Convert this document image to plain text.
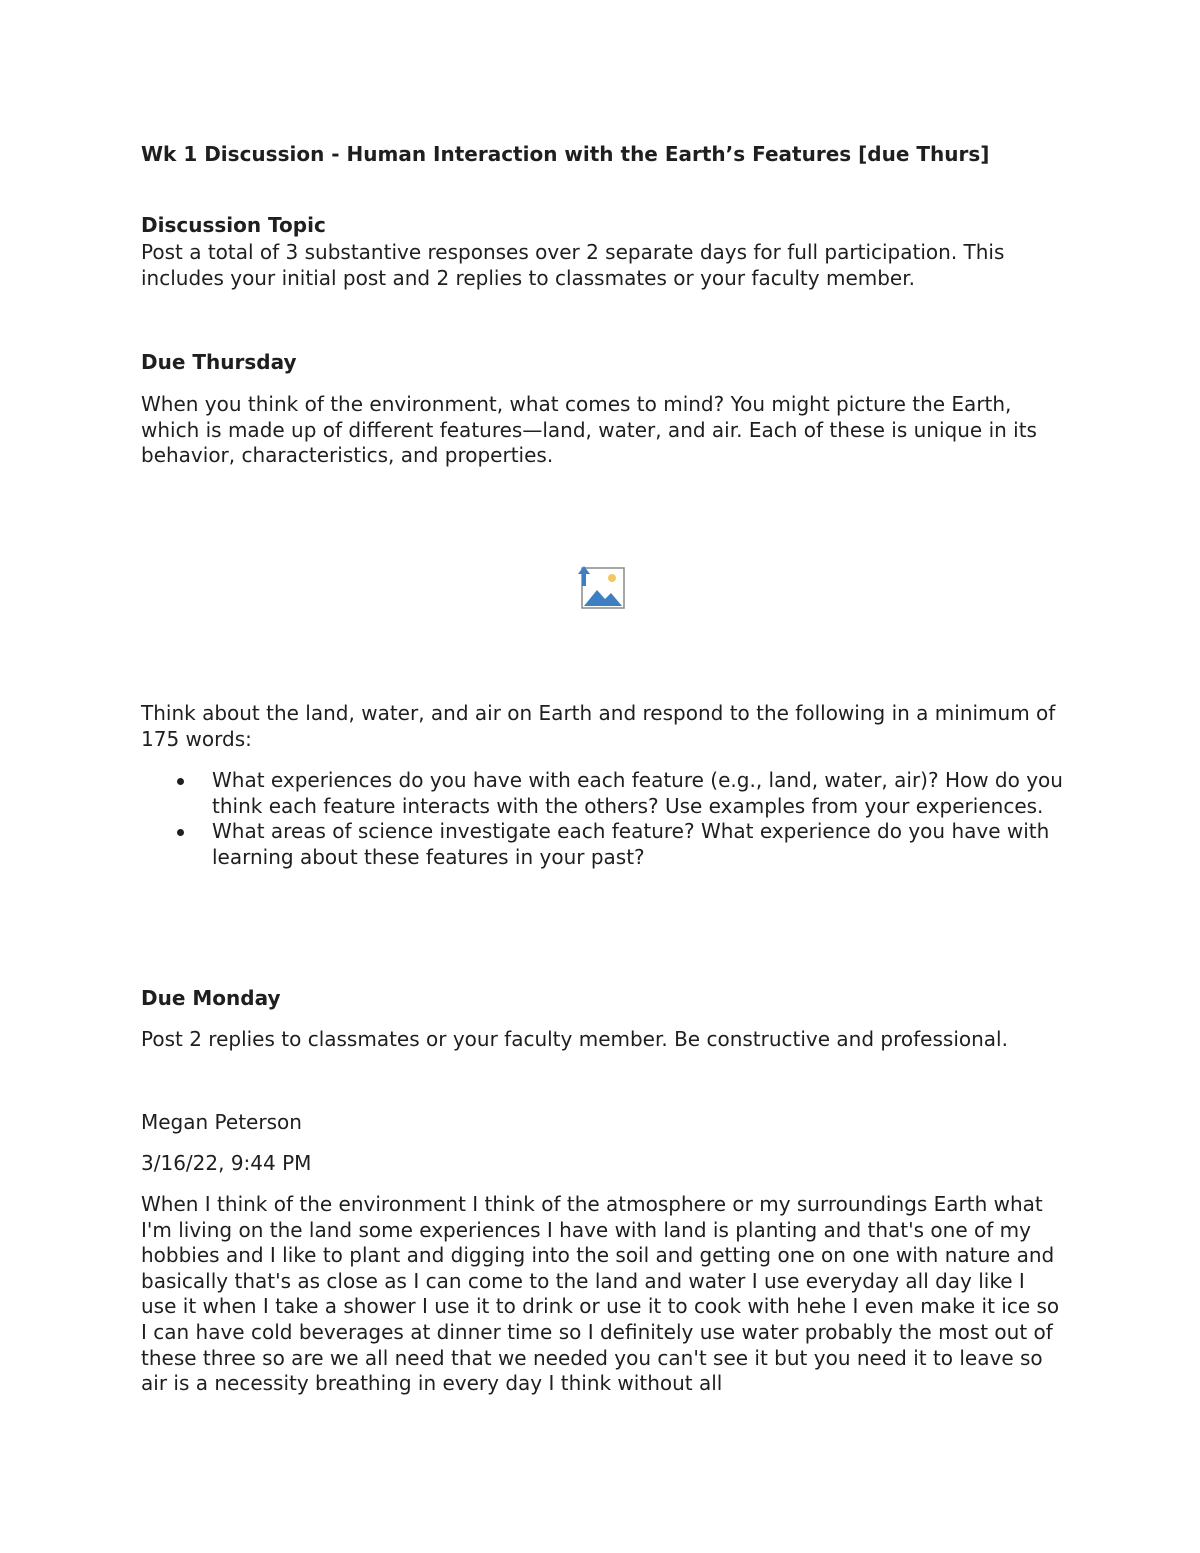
Wk 1 Discussion - Human Interaction with the Earth’s Features [due Thurs]

Discussion Topic

Post a total of 3 substantive responses over 2 separate days for full participation. This includes your initial post and 2 replies to classmates or your faculty member.

Due Thursday

When you think of the environment, what comes to mind? You might picture the Earth, which is made up of different features—land, water, and air. Each of these is unique in its behavior, characteristics, and properties.

Think about the land, water, and air on Earth and respond to the following in a minimum of 175 words:

What experiences do you have with each feature (e.g., land, water, air)? How do you think each feature interacts with the others? Use examples from your experiences.
What areas of science investigate each feature? What experience do you have with learning about these features in your past?

Due Monday

Post 2 replies to classmates or your faculty member. Be constructive and professional.

Megan Peterson

3/16/22, 9:44 PM

When I think of the environment I think of the atmosphere or my surroundings Earth what I'm living on the land some experiences I have with land is planting and that's one of my hobbies and I like to plant and digging into the soil and getting one on one with nature and basically that's as close as I can come to the land and water I use everyday all day like I use it when I take a shower I use it to drink or use it to cook with hehe I even make it ice so I can have cold beverages at dinner time so I definitely use water probably the most out of these three so are we all need that we needed you can't see it but you need it to leave so air is a necessity breathing in every day I think without all
